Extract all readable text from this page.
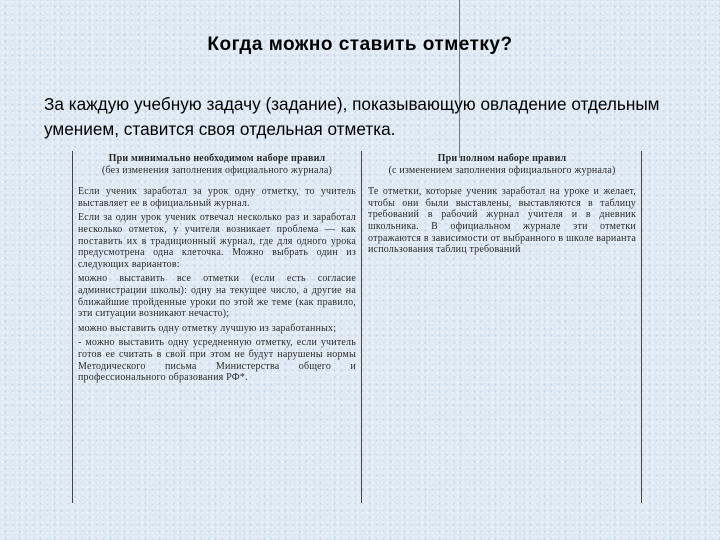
Когда можно ставить отметку?
За каждую учебную задачу (задание), показывающую овладение отдельным умением, ставится своя отдельная отметка.
При минимально необходимом наборе правил
(без изменения заполнения официального журнала)

Если ученик заработал за урок одну отметку, то учитель выставляет ее в официальный журнал.

Если за один урок ученик отвечал несколько раз и заработал несколько отметок, у учителя возникает проблема — как поставить их в традиционный журнал, где для одного урока предусмотрена одна клеточка. Можно выбрать один из следующих вариантов:

можно выставить все отметки (если есть согласие администрации школы): одну на текущее число, а другие на ближайшие пройденные уроки по этой же теме (как правило, эти ситуации возникают нечасто);

можно выставить одну отметку лучшую из заработанных;

- можно выставить одну усредненную отметку, если учитель готов ее считать в свой при этом не будут нарушены нормы Методического письма Министерства общего и профессионального образования РФ*.

При полном наборе правил
(с изменением заполнения официального журнала)

Те отметки, которые ученик заработал на уроке и желает, чтобы они были выставлены, выставляются в таблицу требований в рабочий журнал учителя и в дневник школьника. В официальном журнале эти отметки отражаются в зависимости от выбранного в школе варианта использования таблиц требований
